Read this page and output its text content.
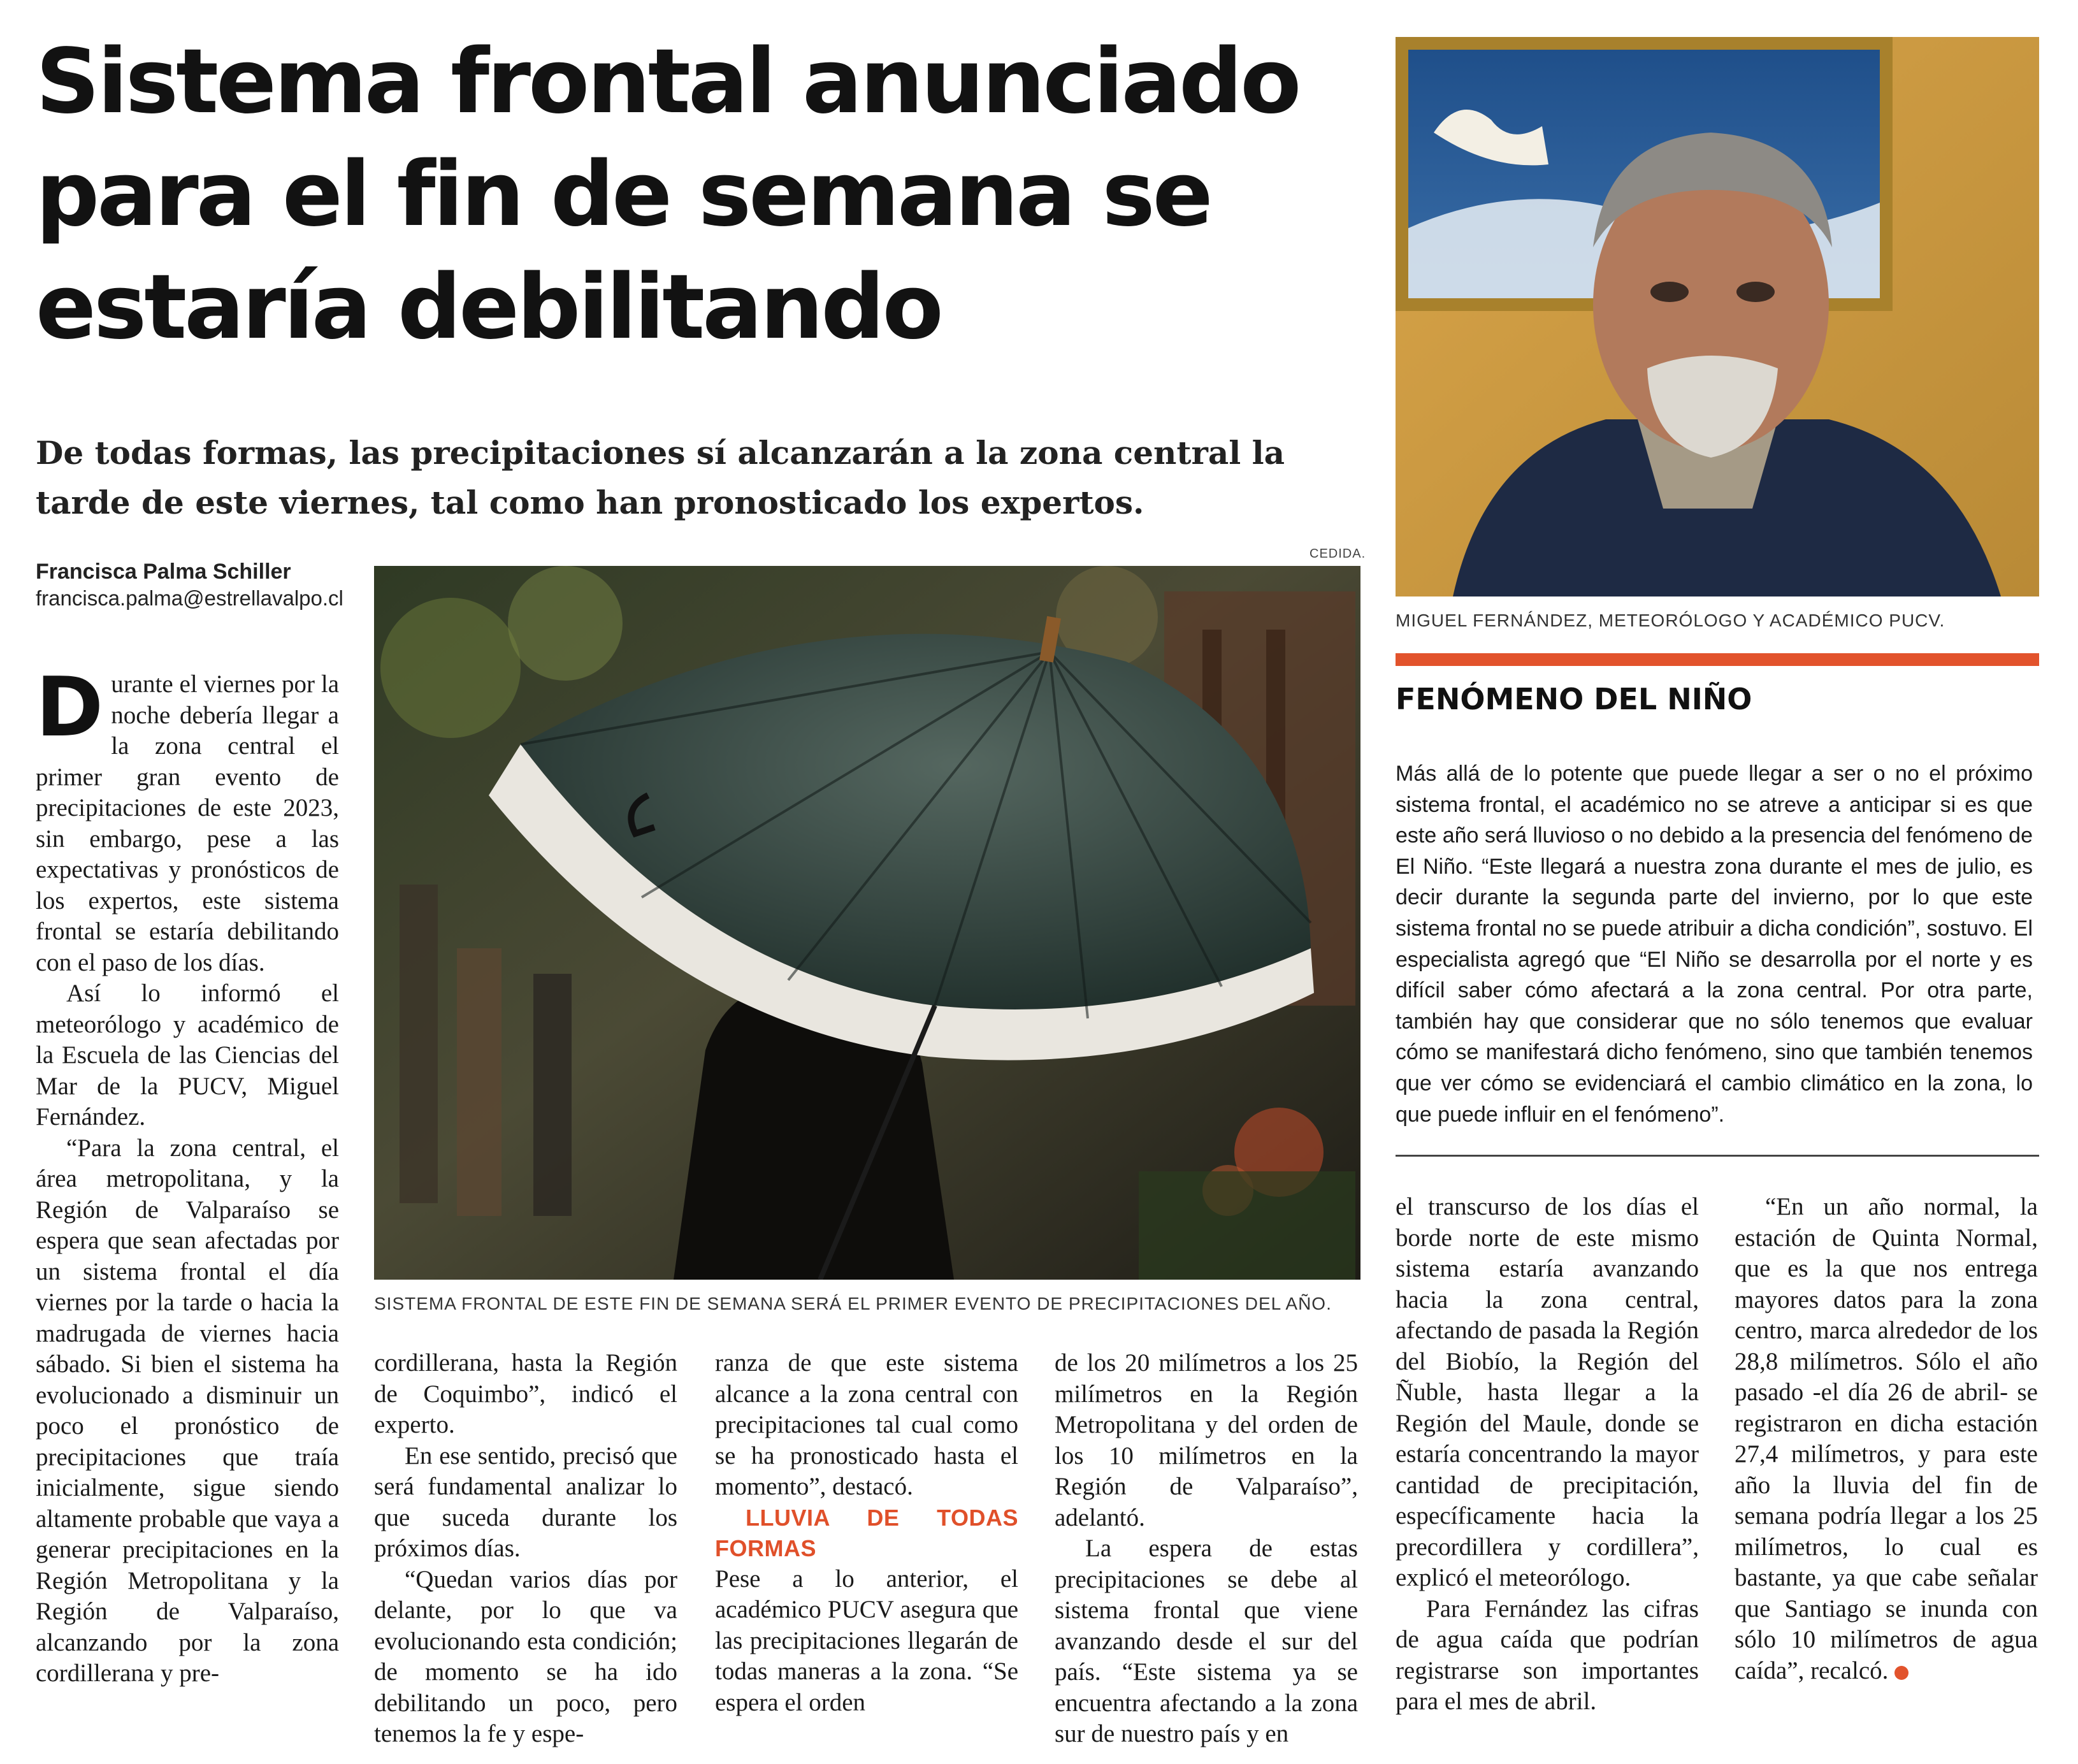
Sistema frontal anunciado para el fin de semana se estaría debilitando

De todas formas, las precipitaciones sí alcanzarán a la zona central la tarde de este viernes, tal como han pronosticado los expertos.

Francisca Palma Schiller
francisca.palma@estrellavalpo.cl
CEDIDA.
SISTEMA FRONTAL DE ESTE FIN DE SEMANA SERÁ EL PRIMER EVENTO DE PRECIPITACIONES DEL AÑO.
MIGUEL FERNÁNDEZ, METEORÓLOGO Y ACADÉMICO PUCV.
FENÓMENO DEL NIÑO
Más allá de lo potente que puede llegar a ser o no el próximo sistema frontal, el académico no se atreve a anticipar si es que este año será lluvioso o no debido a la presencia del fenómeno de El Niño. “Este llegará a nuestra zona durante el mes de julio, es decir durante la segunda parte del invierno, por lo que este sistema frontal no se puede atribuir a dicha condición”, sostuvo. El especialista agregó que “El Niño se desarrolla por el norte y es difícil saber cómo afectará a la zona central. Por otra parte, también hay que considerar que no sólo tenemos que evaluar cómo se manifestará dicho fenómeno, sino que también tenemos que ver cómo se evidenciará el cambio climático en la zona, lo que puede influir en el fenómeno”.

Durante el viernes por la noche debería llegar a la zona central el primer gran evento de precipitaciones de este 2023, sin embargo, pese a las expectativas y pronósticos de los expertos, este sistema frontal se estaría debilitando con el paso de los días.

Así lo informó el meteorólogo y académico de la Escuela de las Ciencias del Mar de la PUCV, Miguel Fernández.

“Para la zona central, el área metropolitana, y la Región de Valparaíso se espera que sean afectadas por un sistema frontal el día viernes por la tarde o hacia la madrugada de viernes hacia sábado. Si bien el sistema ha evolucionado a disminuir un poco el pronóstico de precipitaciones que traía inicialmente, sigue siendo altamente probable que vaya a generar precipitaciones en la Región Metropolitana y la Región de Valparaíso, alcanzando por la zona cordillerana y pre-

cordillerana, hasta la Región de Coquimbo”, indicó el experto.

En ese sentido, precisó que será fundamental analizar lo que suceda durante los próximos días.

“Quedan varios días por delante, por lo que va evolucionando esta condición; de momento se ha ido debilitando un poco, pero tenemos la fe y espe-

ranza de que este sistema alcance a la zona central con precipitaciones tal cual como se ha pronosticado hasta el momento”, destacó.

LLUVIA DE TODAS FORMAS

Pese a lo anterior, el académico PUCV asegura que las precipitaciones llegarán de todas maneras a la zona. “Se espera el orden

de los 20 milímetros a los 25 milímetros en la Región Metropolitana y del orden de los 10 milímetros en la Región de Valparaíso”, adelantó.

La espera de estas precipitaciones se debe al sistema frontal que viene avanzando desde el sur del país. “Este sistema ya se encuentra afectando a la zona sur de nuestro país y en

el transcurso de los días el borde norte de este mismo sistema estaría avanzando hacia la zona central, afectando de pasada la Región del Biobío, la Región del Ñuble, hasta llegar a la Región del Maule, donde se estaría concentrando la mayor cantidad de precipitación, específicamente hacia la precordillera y cordillera”, explicó el meteorólogo.

Para Fernández las cifras de agua caída que podrían registrarse son importantes para el mes de abril.

“En un año normal, la estación de Quinta Normal, que es la que nos entrega mayores datos para la zona centro, marca alrededor de los 28,8 milímetros. Sólo el año pasado -el día 26 de abril- se registraron en dicha estación 27,4 milímetros, y para este año la lluvia del fin de semana podría llegar a los 25 milímetros, lo cual es bastante, ya que cabe señalar que Santiago se inunda con sólo 10 milímetros de agua caída”, recalcó.
